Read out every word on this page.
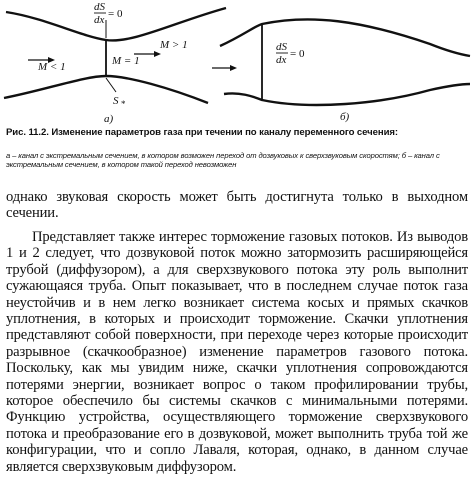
dS
dx = 0
M < 1	M = 1
M > 1
S *
а)
dS
dx = 0
б)
Рис. 11.2. Изменение параметров газа при течении по каналу переменного сечения:
а – канал с экстремальным сечением, в котором возможен переход от дозвуковых к сверхзвуковым скоростям; б – канал с экстремальным сечением, в котором такой переход невозможен
однако звуковая скорость может быть достигнута только в выходном сечении.
Представляет также интерес торможение газовых потоков. Из выводов 1 и 2 следует, что дозвуковой поток можно затормозить расширяющейся трубой (диффузором), а для сверхзвукового потока эту роль выполнит сужающаяся труба. Опыт показывает, что в последнем случае поток газа неустойчив и в нем легко возникает система косых и прямых скачков уплотнения, в которых и происходит торможение. Скачки уплотнения представляют собой поверхности, при переходе через которые происходит разрывное (скачкообразное) изменение параметров газового потока. Поскольку, как мы увидим ниже, скачки уплотнения сопровождаются потерями энергии, возникает вопрос о таком профилировании трубы, которое обеспечило бы системы скачков с минимальными потерями. Функцию устройства, осуществляющего торможение сверхзвукового потока и преобразование его в дозвуковой, может выполнить труба той же конфигурации, что и сопло Лаваля, которая, однако, в данном случае является сверхзвуковым диффузором.
